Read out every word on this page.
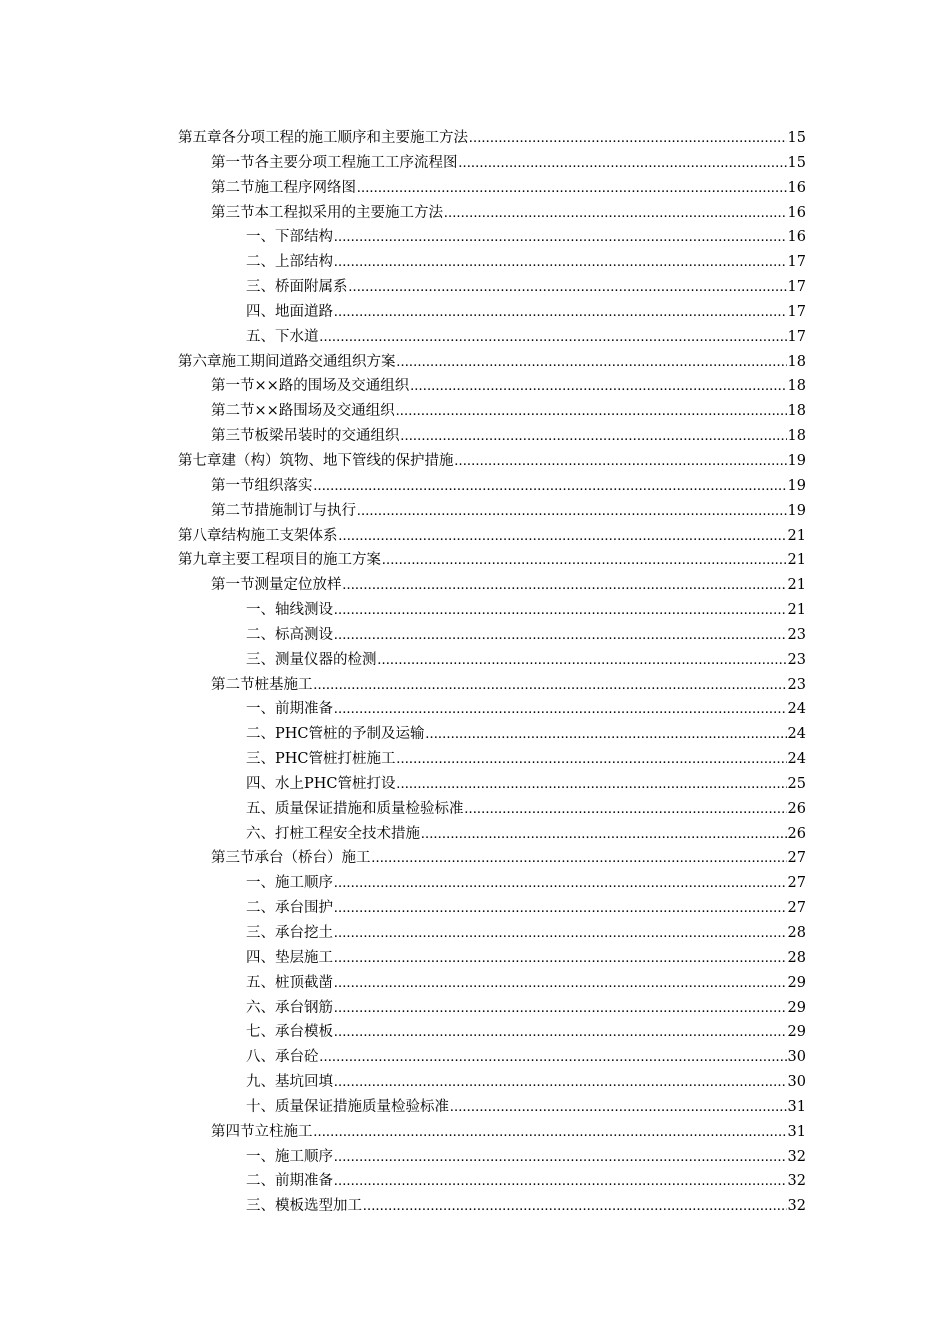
第五章 各分项工程的施工顺序和主要施工方法 .....	15
第一节 各主要分项工程施工工序流程图 .....	15
第二节 施工程序网络图 .....	16
第三节 本工程拟采用的主要施工方法 .....	16
一、 下部结构 .....	16
二、 上部结构 .....	17
三、 桥面附属系 .....	17
四、 地面道路 .....	17
五、 下水道 .....	17
第六章 施工期间道路交通组织方案 .....	18
第一节 ××路的围场及交通组织 .....	18
第二节 ××路围场及交通组织 .....	18
第三节 板梁吊装时的交通组织 .....	18
第七章 建（构）筑物、地下管线的保护措施 .....	19
第一节 组织落实 .....	19
第二节 措施制订与执行 .....	19
第八章 结构施工支架体系 .....	21
第九章 主要工程项目的施工方案 .....	21
第一节 测量定位放样 .....	21
一、 轴线测设 .....	21
二、 标高测设 .....	23
三、 测量仪器的检测 .....	23
第二节 桩基施工 .....	23
一、 前期准备 .....	24
二、 PHC管桩的予制及运输 .....	24
三、 PHC管桩打桩施工 .....	24
四、 水上PHC管桩打设 .....	25
五、 质量保证措施和质量检验标准 .....	26
六、 打桩工程安全技术措施 .....	26
第三节 承台（桥台）施工 .....	27
一、 施工顺序 .....	27
二、 承台围护 .....	27
三、 承台挖土 .....	28
四、 垫层施工 .....	28
五、 桩顶截凿 .....	29
六、 承台钢筋 .....	29
七、 承台模板 .....	29
八、 承台砼 .....	30
九、 基坑回填 .....	30
十、 质量保证措施质量检验标准 .....	31
第四节 立柱施工 .....	31
一、 施工顺序 .....	32
二、 前期准备 .....	32
三、 模板选型加工 .....	32
